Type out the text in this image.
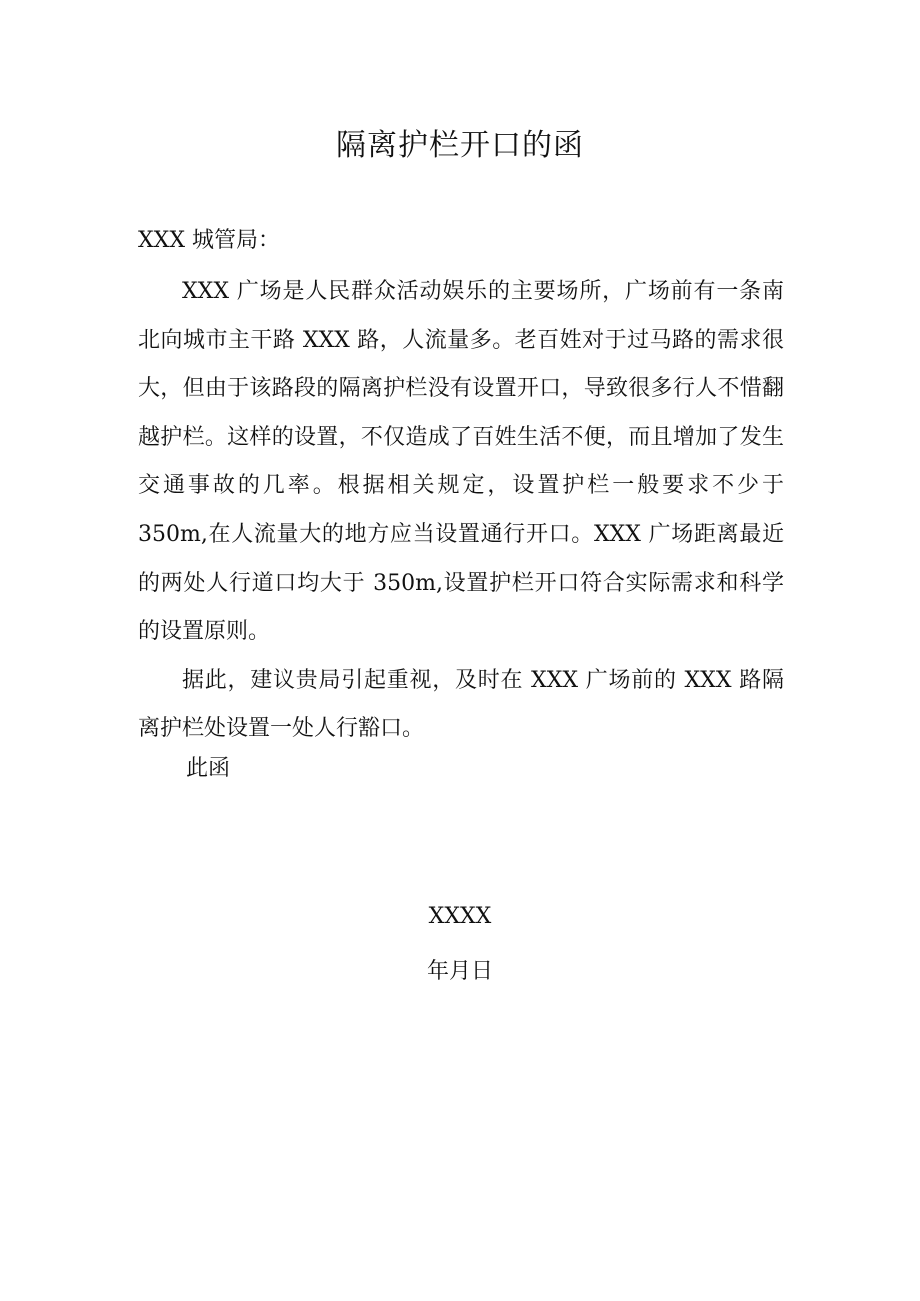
隔离护栏开口的函
XXX 城管局：

XXX 广场是人民群众活动娱乐的主要场所，广场前有一条南北向城市主干路 XXX 路，人流量多。老百姓对于过马路的需求很大，但由于该路段的隔离护栏没有设置开口，导致很多行人不惜翻越护栏。这样的设置，不仅造成了百姓生活不便，而且增加了发生交通事故的几率。根据相关规定，设置护栏一般要求不少于 350m,在人流量大的地方应当设置通行开口。XXX 广场距离最近的两处人行道口均大于 350m,设置护栏开口符合实际需求和科学的设置原则。

据此，建议贵局引起重视，及时在 XXX 广场前的 XXX 路隔离护栏处设置一处人行豁口。

此函
XXXX
年月日
